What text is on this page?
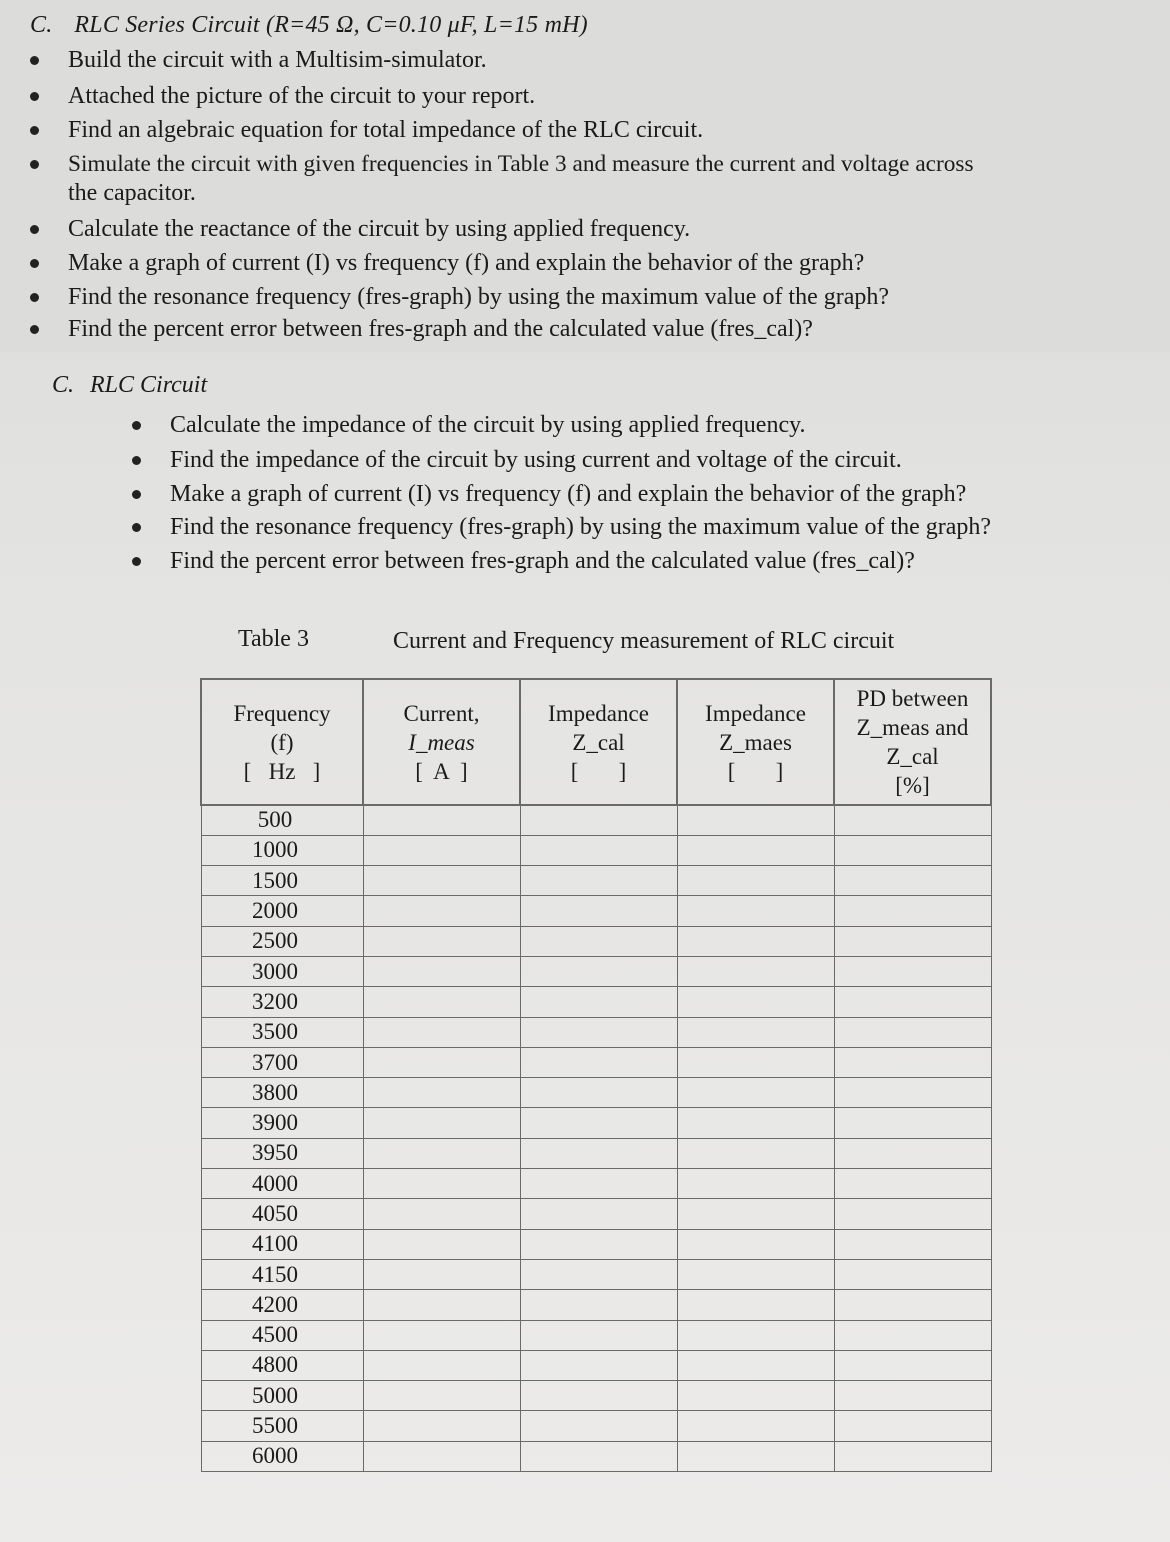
C. RLC Series Circuit (R=45 Ω, C=0.10 μF, L=15 mH)
Build the circuit with a Multisim-simulator.
Attached the picture of the circuit to your report.
Find an algebraic equation for total impedance of the RLC circuit.
Simulate the circuit with given frequencies in Table 3 and measure the current and voltage across
the capacitor.
Calculate the reactance of the circuit by using applied frequency.
Make a graph of current (I) vs frequency (f) and explain the behavior of the graph?
Find the resonance frequency (fres-graph) by using the maximum value of the graph?
Find the percent error between fres-graph and the calculated value (fres_cal)?
C. RLC Circuit
Calculate the impedance of the circuit by using applied frequency.
Find the impedance of the circuit by using current and voltage of the circuit.
Make a graph of current (I) vs frequency (f) and explain the behavior of the graph?
Find the resonance frequency (fres-graph) by using the maximum value of the graph?
Find the percent error between fres-graph and the calculated value (fres_cal)?
Table 3	Current and Frequency measurement of RLC circuit
Frequency
(f)
[   Hz   ]	Current,
I_meas
[  A  ]	Impedance
Z_cal
[       ]	Impedance
Z_maes
[       ]	PD between
Z_meas and
Z_cal
[%]

500				
1000				
1500				
2000				
2500				
3000				
3200				
3500				
3700				
3800				
3900				
3950				
4000				
4050				
4100				
4150				
4200				
4500				
4800				
5000				
5500				
6000				
